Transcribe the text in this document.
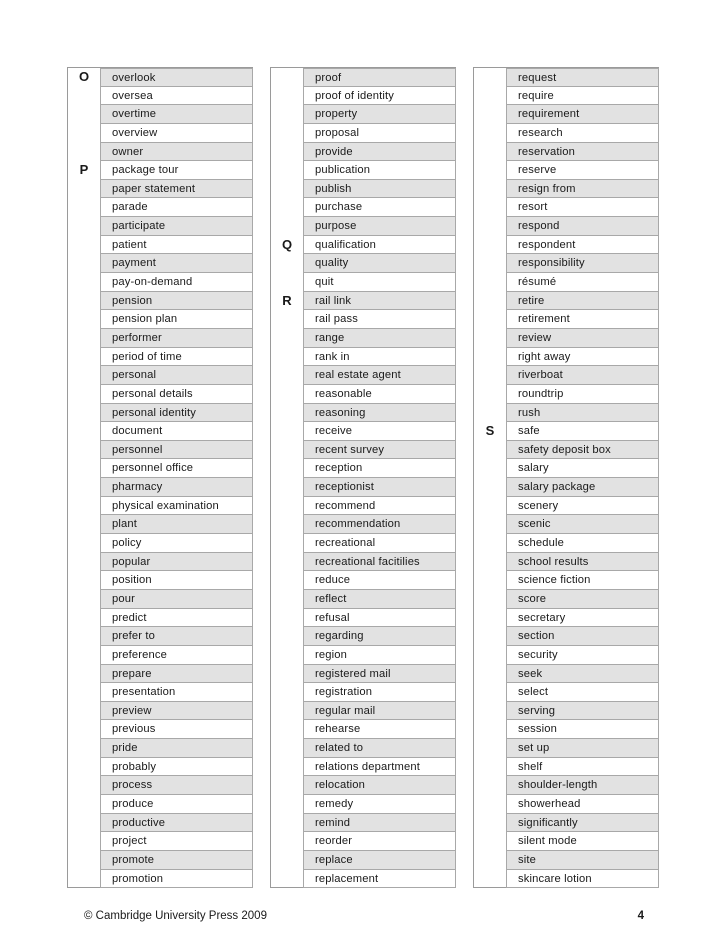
overlook
oversea
overtime
overview
owner
package tour
paper statement
parade
participate
patient
payment
pay-on-demand
pension
pension plan
performer
period of time
personal
personal details
personal identity
document
personnel
personnel office
pharmacy
physical examination
plant
policy
popular
position
pour
predict
prefer to
preference
prepare
presentation
preview
previous
pride
probably
process
produce
productive
project
promote
promotion
O
P
proof
proof of identity
property
proposal
provide
publication
publish
purchase
purpose
qualification
quality
quit
rail link
rail pass
range
rank in
real estate agent
reasonable
reasoning
receive
recent survey
reception
receptionist
recommend
recommendation
recreational
recreational facitilies
reduce
reflect
refusal
regarding
region
registered mail
registration
regular mail
rehearse
related to
relations department
relocation
remedy
remind
reorder
replace
replacement
Q
R
request
require
requirement
research
reservation
reserve
resign from
resort
respond
respondent
responsibility
résumé
retire
retirement
review
right away
riverboat
roundtrip
rush
safe
safety deposit box
salary
salary package
scenery
scenic
schedule
school results
science fiction
score
secretary
section
security
seek
select
serving
session
set up
shelf
shoulder-length
showerhead
significantly
silent mode
site
skincare lotion
S
© Cambridge University Press 2009	4
